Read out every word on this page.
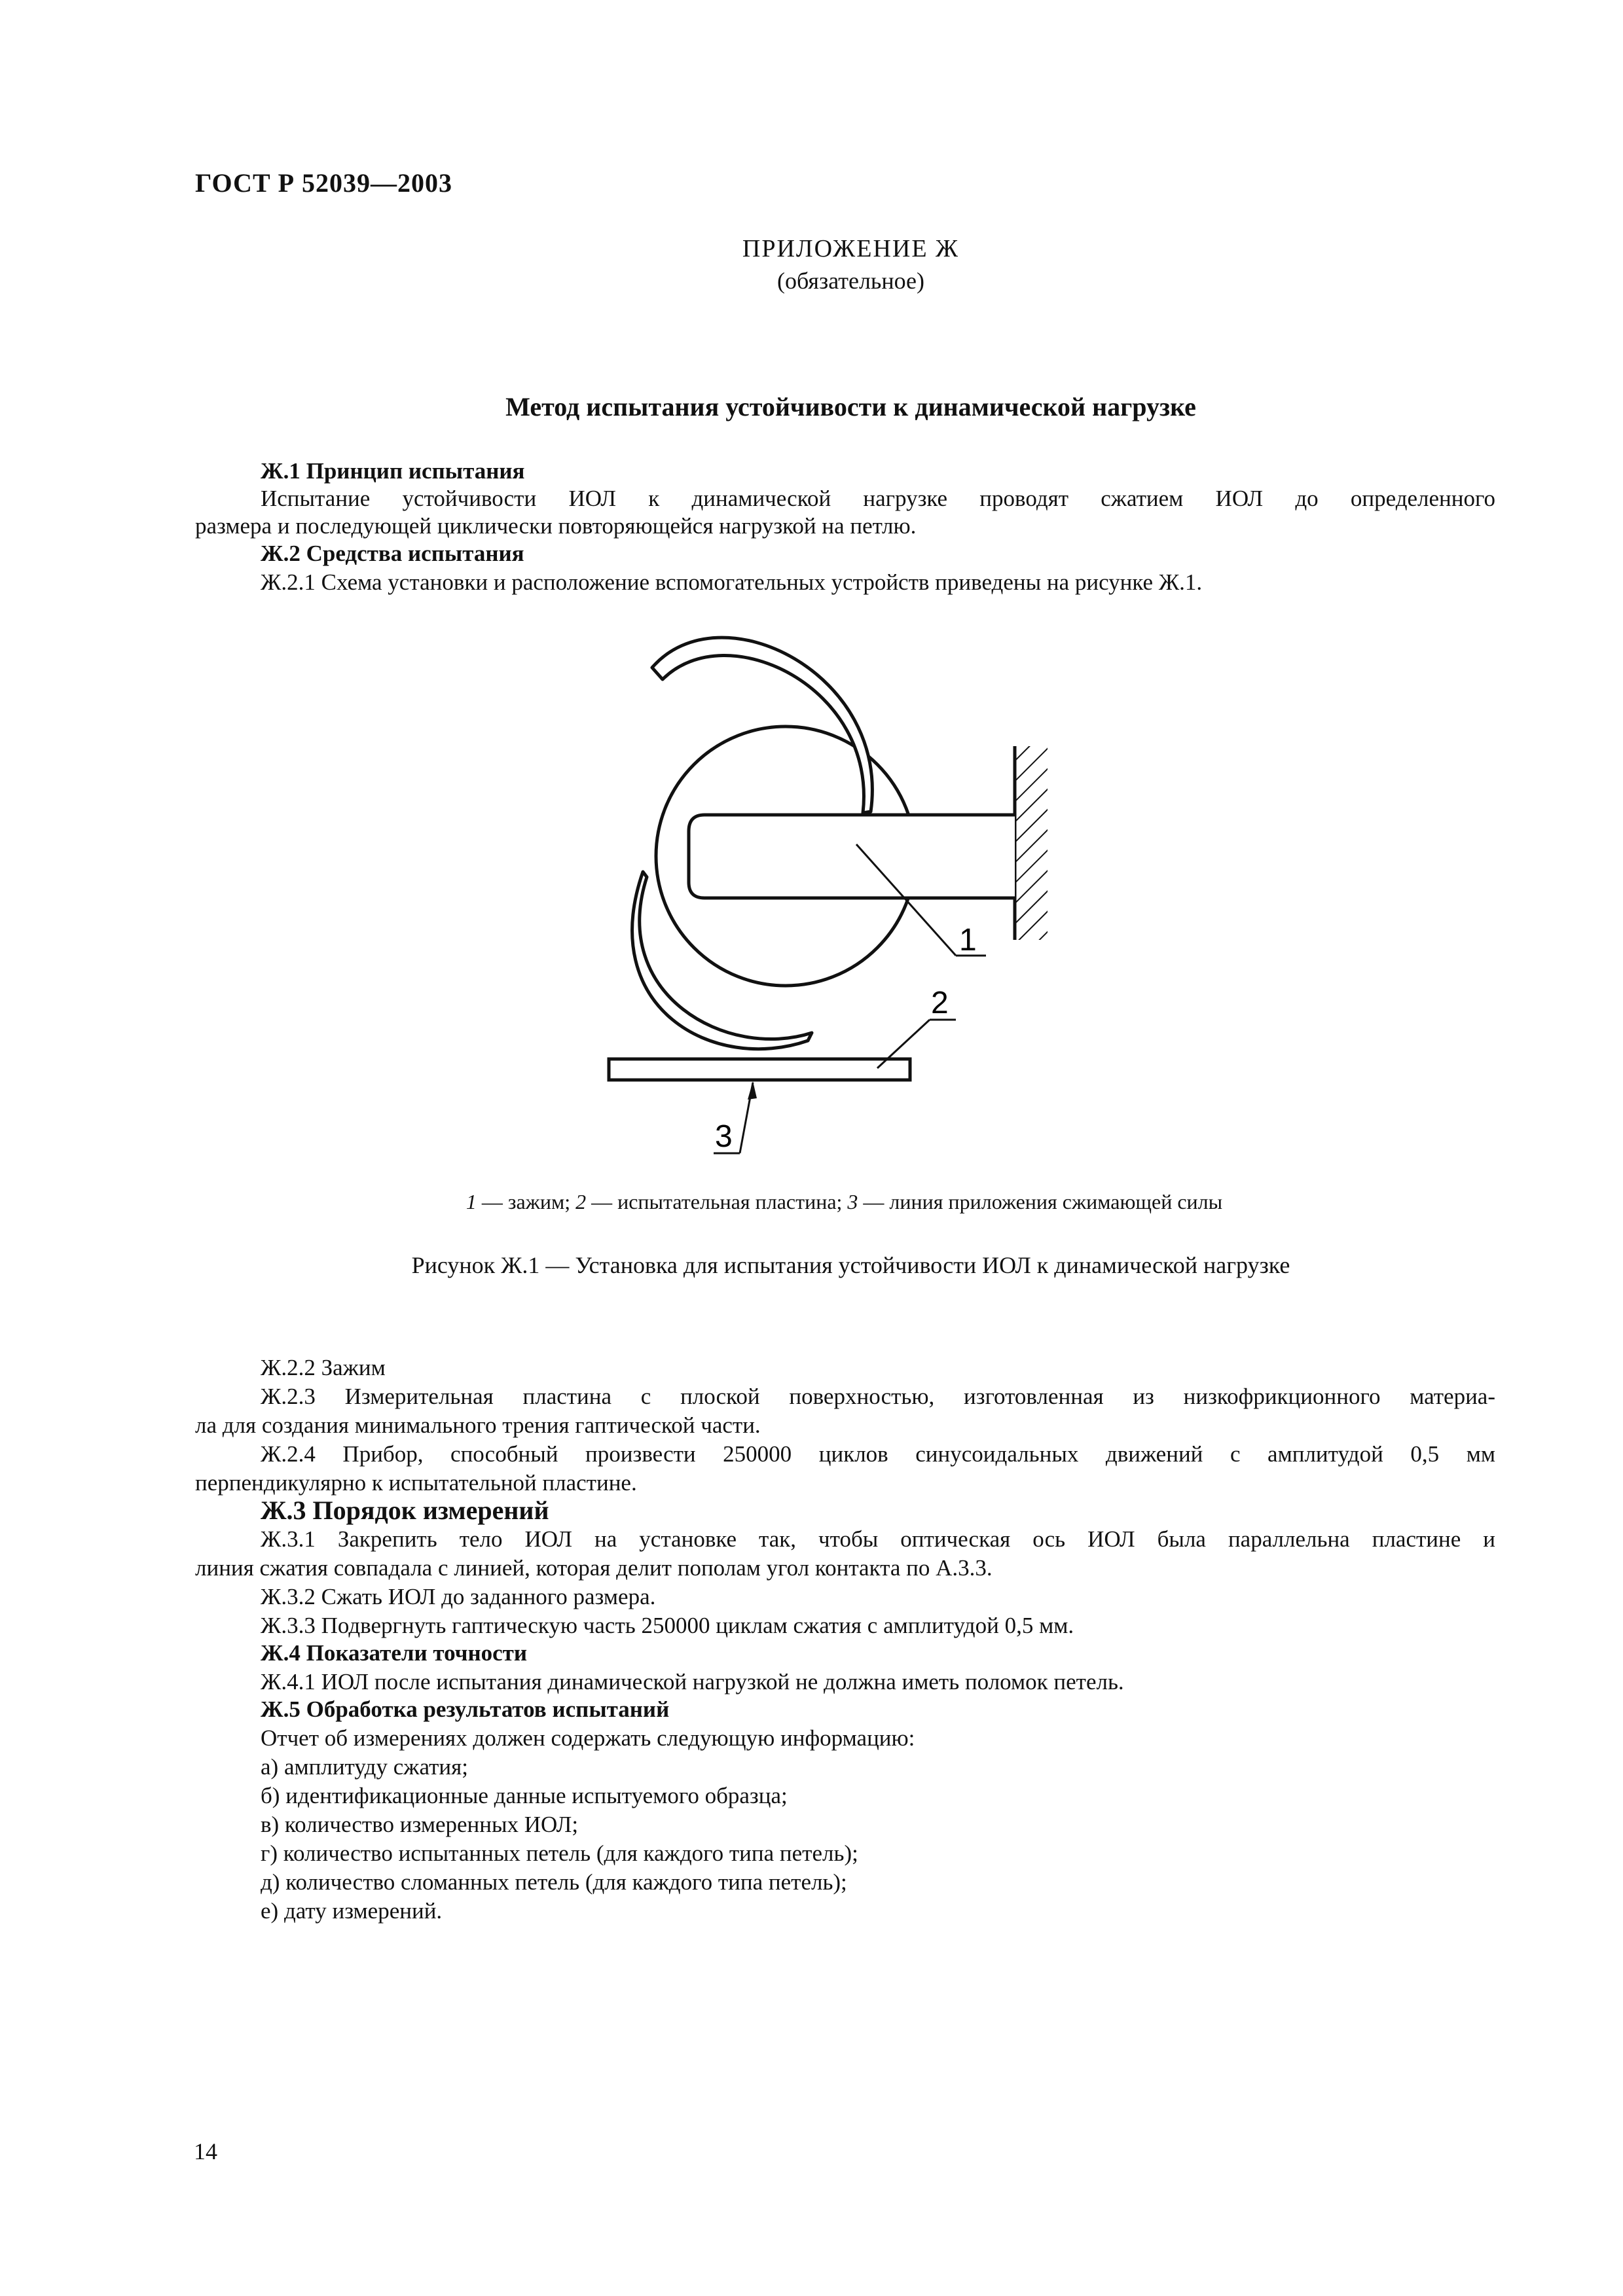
ГОСТ Р 52039—2003
ПРИЛОЖЕНИЕ Ж
(обязательное)
Метод испытания устойчивости к динамической нагрузке
Ж.1 Принцип испытания
Испытание устойчивости ИОЛ к динамической нагрузке проводят сжатием ИОЛ до определенного
размера и последующей циклически повторяющейся нагрузкой на петлю.
Ж.2 Средства испытания
Ж.2.1 Схема установки и расположение вспомогательных устройств приведены на рисунке Ж.1.
1
2
3
1 — зажим; 2 — испытательная пластина; 3 — линия приложения сжимающей силы
Рисунок Ж.1 — Установка для испытания устойчивости ИОЛ к динамической нагрузке
Ж.2.2 Зажим
Ж.2.3 Измерительная пластина с плоской поверхностью, изготовленная из низкофрикционного материа-
ла для создания минимального трения гаптической части.
Ж.2.4 Прибор, способный произвести 250000 циклов синусоидальных движений с амплитудой 0,5 мм
перпендикулярно к испытательной пластине.
Ж.3 Порядок измерений
Ж.3.1 Закрепить тело ИОЛ на установке так, чтобы оптическая ось ИОЛ была параллельна пластине и
линия сжатия совпадала с линией, которая делит пополам угол контакта по А.3.3.
Ж.3.2 Сжать ИОЛ до заданного размера.
Ж.3.3 Подвергнуть гаптическую часть 250000 циклам сжатия с амплитудой 0,5 мм.
Ж.4 Показатели точности
Ж.4.1 ИОЛ после испытания динамической нагрузкой не должна иметь поломок петель.
Ж.5 Обработка результатов испытаний
Отчет об измерениях должен содержать следующую информацию:
а) амплитуду сжатия;
б) идентификационные данные испытуемого образца;
в) количество измеренных ИОЛ;
г) количество испытанных петель (для каждого типа петель);
д) количество сломанных петель (для каждого типа петель);
е) дату измерений.
14
